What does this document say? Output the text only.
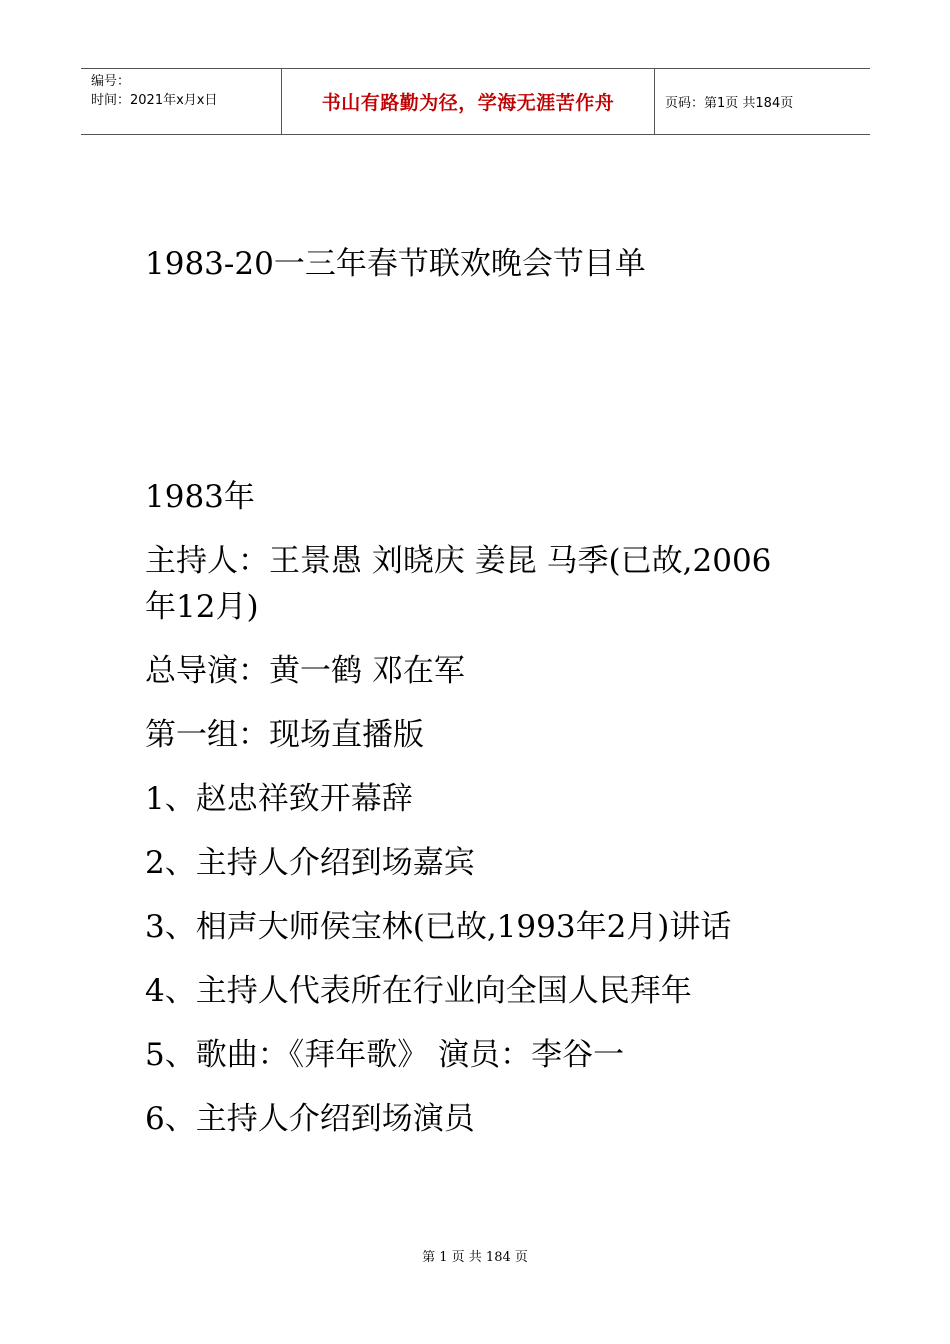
编号：
时间：2021年x月x日	书山有路勤为径，学海无涯苦作舟	页码：第1页 共184页
1983-20一三年春节联欢晚会节目单

1983年

主持人：王景愚 刘晓庆 姜昆 马季(已故,2006年12月)

总导演：黄一鹤 邓在军

第一组：现场直播版

1、赵忠祥致开幕辞

2、主持人介绍到场嘉宾

3、相声大师侯宝林(已故,1993年2月)讲话

4、主持人代表所在行业向全国人民拜年

5、歌曲：《拜年歌》 演员：李谷一

6、主持人介绍到场演员

第 1 页 共 184 页
